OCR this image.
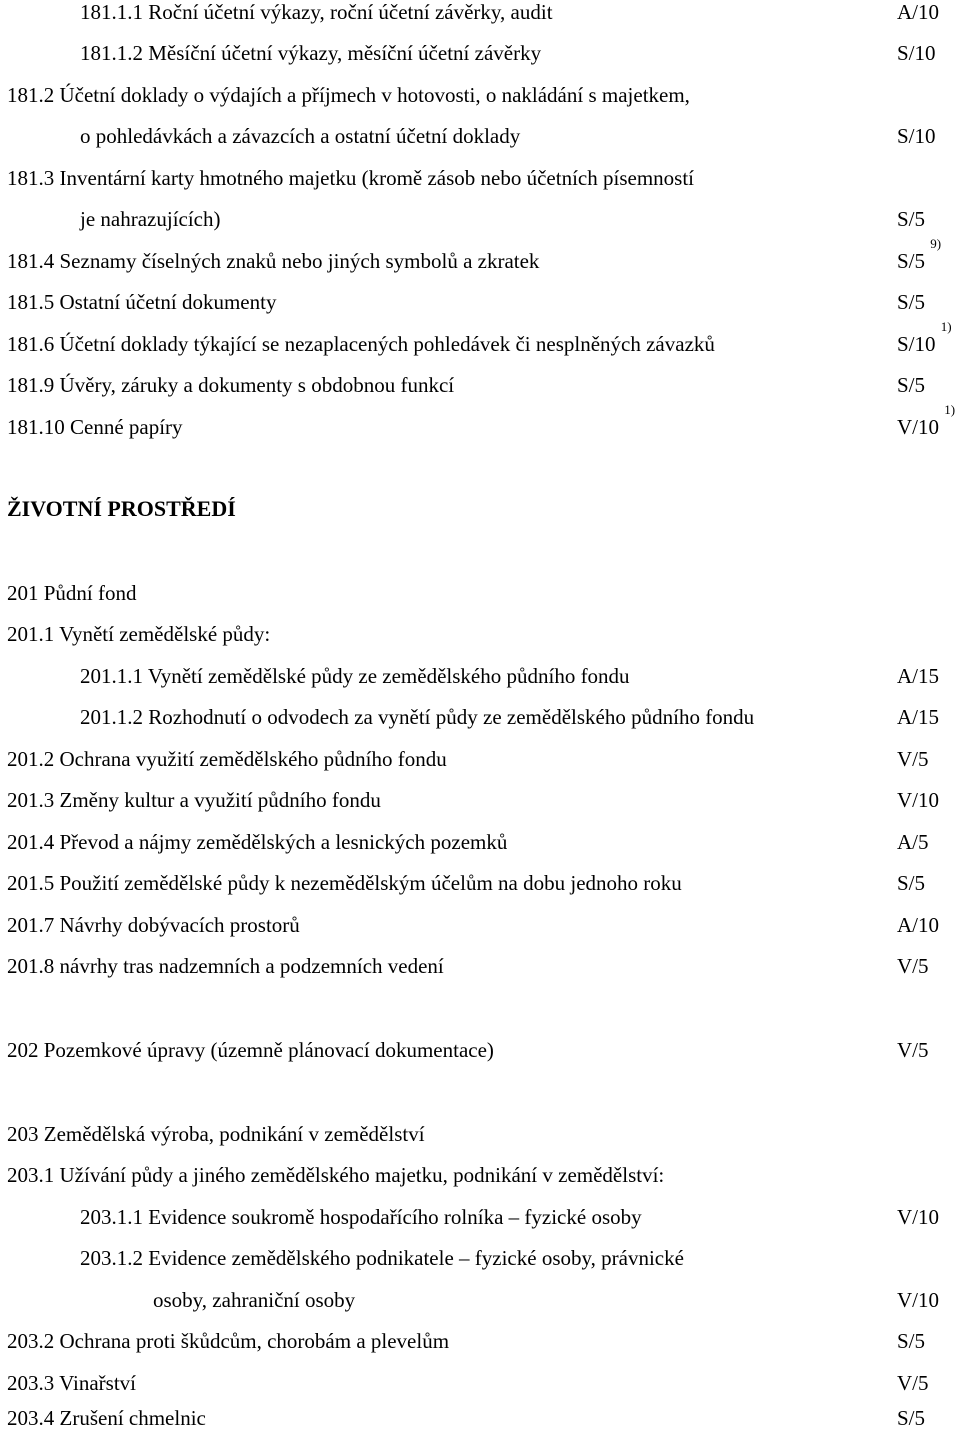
181.1.1 Roční účetní výkazy, roční účetní závěrky, audit	A/10
181.1.2 Měsíční účetní výkazy, měsíční účetní závěrky	S/10
181.2 Účetní doklady o výdajích a příjmech v hotovosti, o nakládání s majetkem,
o pohledávkách a závazcích a ostatní účetní doklady	S/10
181.3 Inventární karty hmotného majetku (kromě zásob nebo účetních písemností
je nahrazujících)	S/5
181.4 Seznamy číselných znaků nebo jiných symbolů a zkratek	S/5 $^{9)}$
181.5 Ostatní účetní dokumenty	S/5
181.6 Účetní doklady týkající se nezaplacených pohledávek či nesplněných závazků	S/10 $^{1)}$
181.9 Úvěry, záruky a dokumenty s obdobnou funkcí	S/5
181.10 Cenné papíry	V/10 $^{1)}$
ŽIVOTNÍ PROSTŘEDÍ
201 Půdní fond
201.1 Vynětí zemědělské půdy:
201.1.1 Vynětí zemědělské půdy ze zemědělského půdního fondu	A/15
201.1.2 Rozhodnutí o odvodech za vynětí půdy ze zemědělského půdního fondu	A/15
201.2 Ochrana využití zemědělského půdního fondu	V/5
201.3 Změny kultur a využití půdního fondu	V/10
201.4 Převod a nájmy zemědělských a lesnických pozemků	A/5
201.5 Použití zemědělské půdy k nezemědělským účelům na dobu jednoho roku	S/5
201.7 Návrhy dobývacích prostorů	A/10
201.8 návrhy tras nadzemních a podzemních vedení	V/5
202 Pozemkové úpravy (územně plánovací dokumentace)	V/5
203 Zemědělská výroba, podnikání v zemědělství
203.1 Užívání půdy a jiného zemědělského majetku, podnikání v zemědělství:
203.1.1 Evidence soukromě hospodařícího rolníka – fyzické osoby	V/10
203.1.2 Evidence zemědělského podnikatele – fyzické osoby, právnické
osoby, zahraniční osoby	V/10
203.2 Ochrana proti škůdcům, chorobám a plevelům	S/5
203.3 Vinařství	V/5
203.4 Zrušení chmelnic	S/5
